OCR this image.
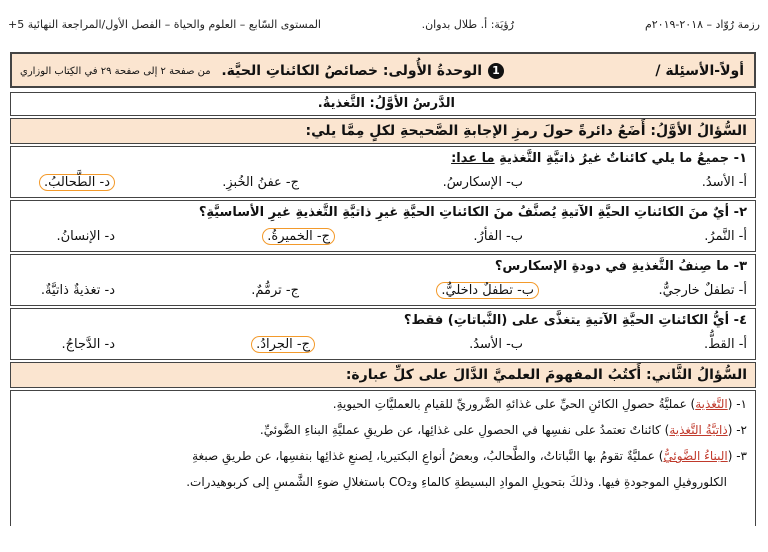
رزمة رُوّاد – ٢٠١٨-٢٠١٩م
رُؤيَة: أ. طلال بدوان.
المستوى السّابع – العلوم والحياة – الفصل الأول/المراجعة النهائية 5+
أولاً-الأسئِلة /
1الوحدةُ الأُولى: خصائصُ الكائناتِ الحيَّة.
من صفحة ٢ إلى صفحة ٢٩ في الكِتاب الوزاري
الدَّرسُ الأوَّلُ: التَّغذيةُ.
السُّؤالُ الأوَّلُ: أَضَعُ دائرةً حولَ رمزِ الإجابةِ الصَّحيحةِ لكلٍ مِمَّا يلي:
١- جميعُ ما يلي كائناتٌ غيرُ ذاتيَّةِ التَّغذيةِ ما عدا:
أ- الأسدُ.
ب- الإسكارسُ.
ج- عفنُ الخُبزِ.
د- الطَّحالبُ.
٢- أيٌ منَ الكائناتِ الحيَّةِ الآتيةِ يُصنَّفُ منَ الكائناتِ الحيَّةِ غيرِ ذاتيَّةِ التَّغذيةِ غيرِ الأساسيَّةِ؟
أ- النَّمرُ.
ب- الفأرُ.
ج- الخميرةُ.
د- الإنسانُ.
٣- ما صِنفُ التَّغذيةِ في دودةِ الإسكارس؟
أ- تطفلٌ خارجيٌّ.
ب- تطفلٌ داخليٌّ.
ج- ترمُّمٌ.
د- تغذيةٌ ذاتيَّةٌ.
٤- أيُّ الكائناتِ الحيَّةِ الآتيةِ يتغذَّى على (النَّباتاتِ) فقط؟
أ- القطُّ.
ب- الأسدُ.
ج- الجرادُ.
د- الدَّجاجُ.
السُّؤالُ الثَّاني: أَكتُبُ المفهومَ العلميَّ الدَّالَ على كلِّ عبارة:
١- (التَّغذية) عمليَّةُ حصولِ الكائنِ الحيِّ على غذائهِ الضَّروريِّ للقيامِ بالعمليَّاتِ الحيويةِ.
٢- (ذاتيَّةُ التَّغذية) كائناتٌ تعتمدُ على نفسِها في الحصولِ على غذائِها، عن طريقِ عمليَّةِ البناءِ الضَّوئيِّ.
٣- (البناءُ الضَّوئيُّ) عمليَّةٌ تقومُ بها النَّباتاتُ، والطَّحالبُ، وبعضُ أنواعِ البكتيريا، لِصنعِ غذائِها بنفسِها، عن طريقِ صبغةِ
الكلوروفيلِ الموجودةِ فيها. وذلكَ بتحويلِ الموادِ البسيطةِ كالماءِ وCO₂ باستغلالِ ضوءِ الشَّمسِ إلى كربوهيدرات.
